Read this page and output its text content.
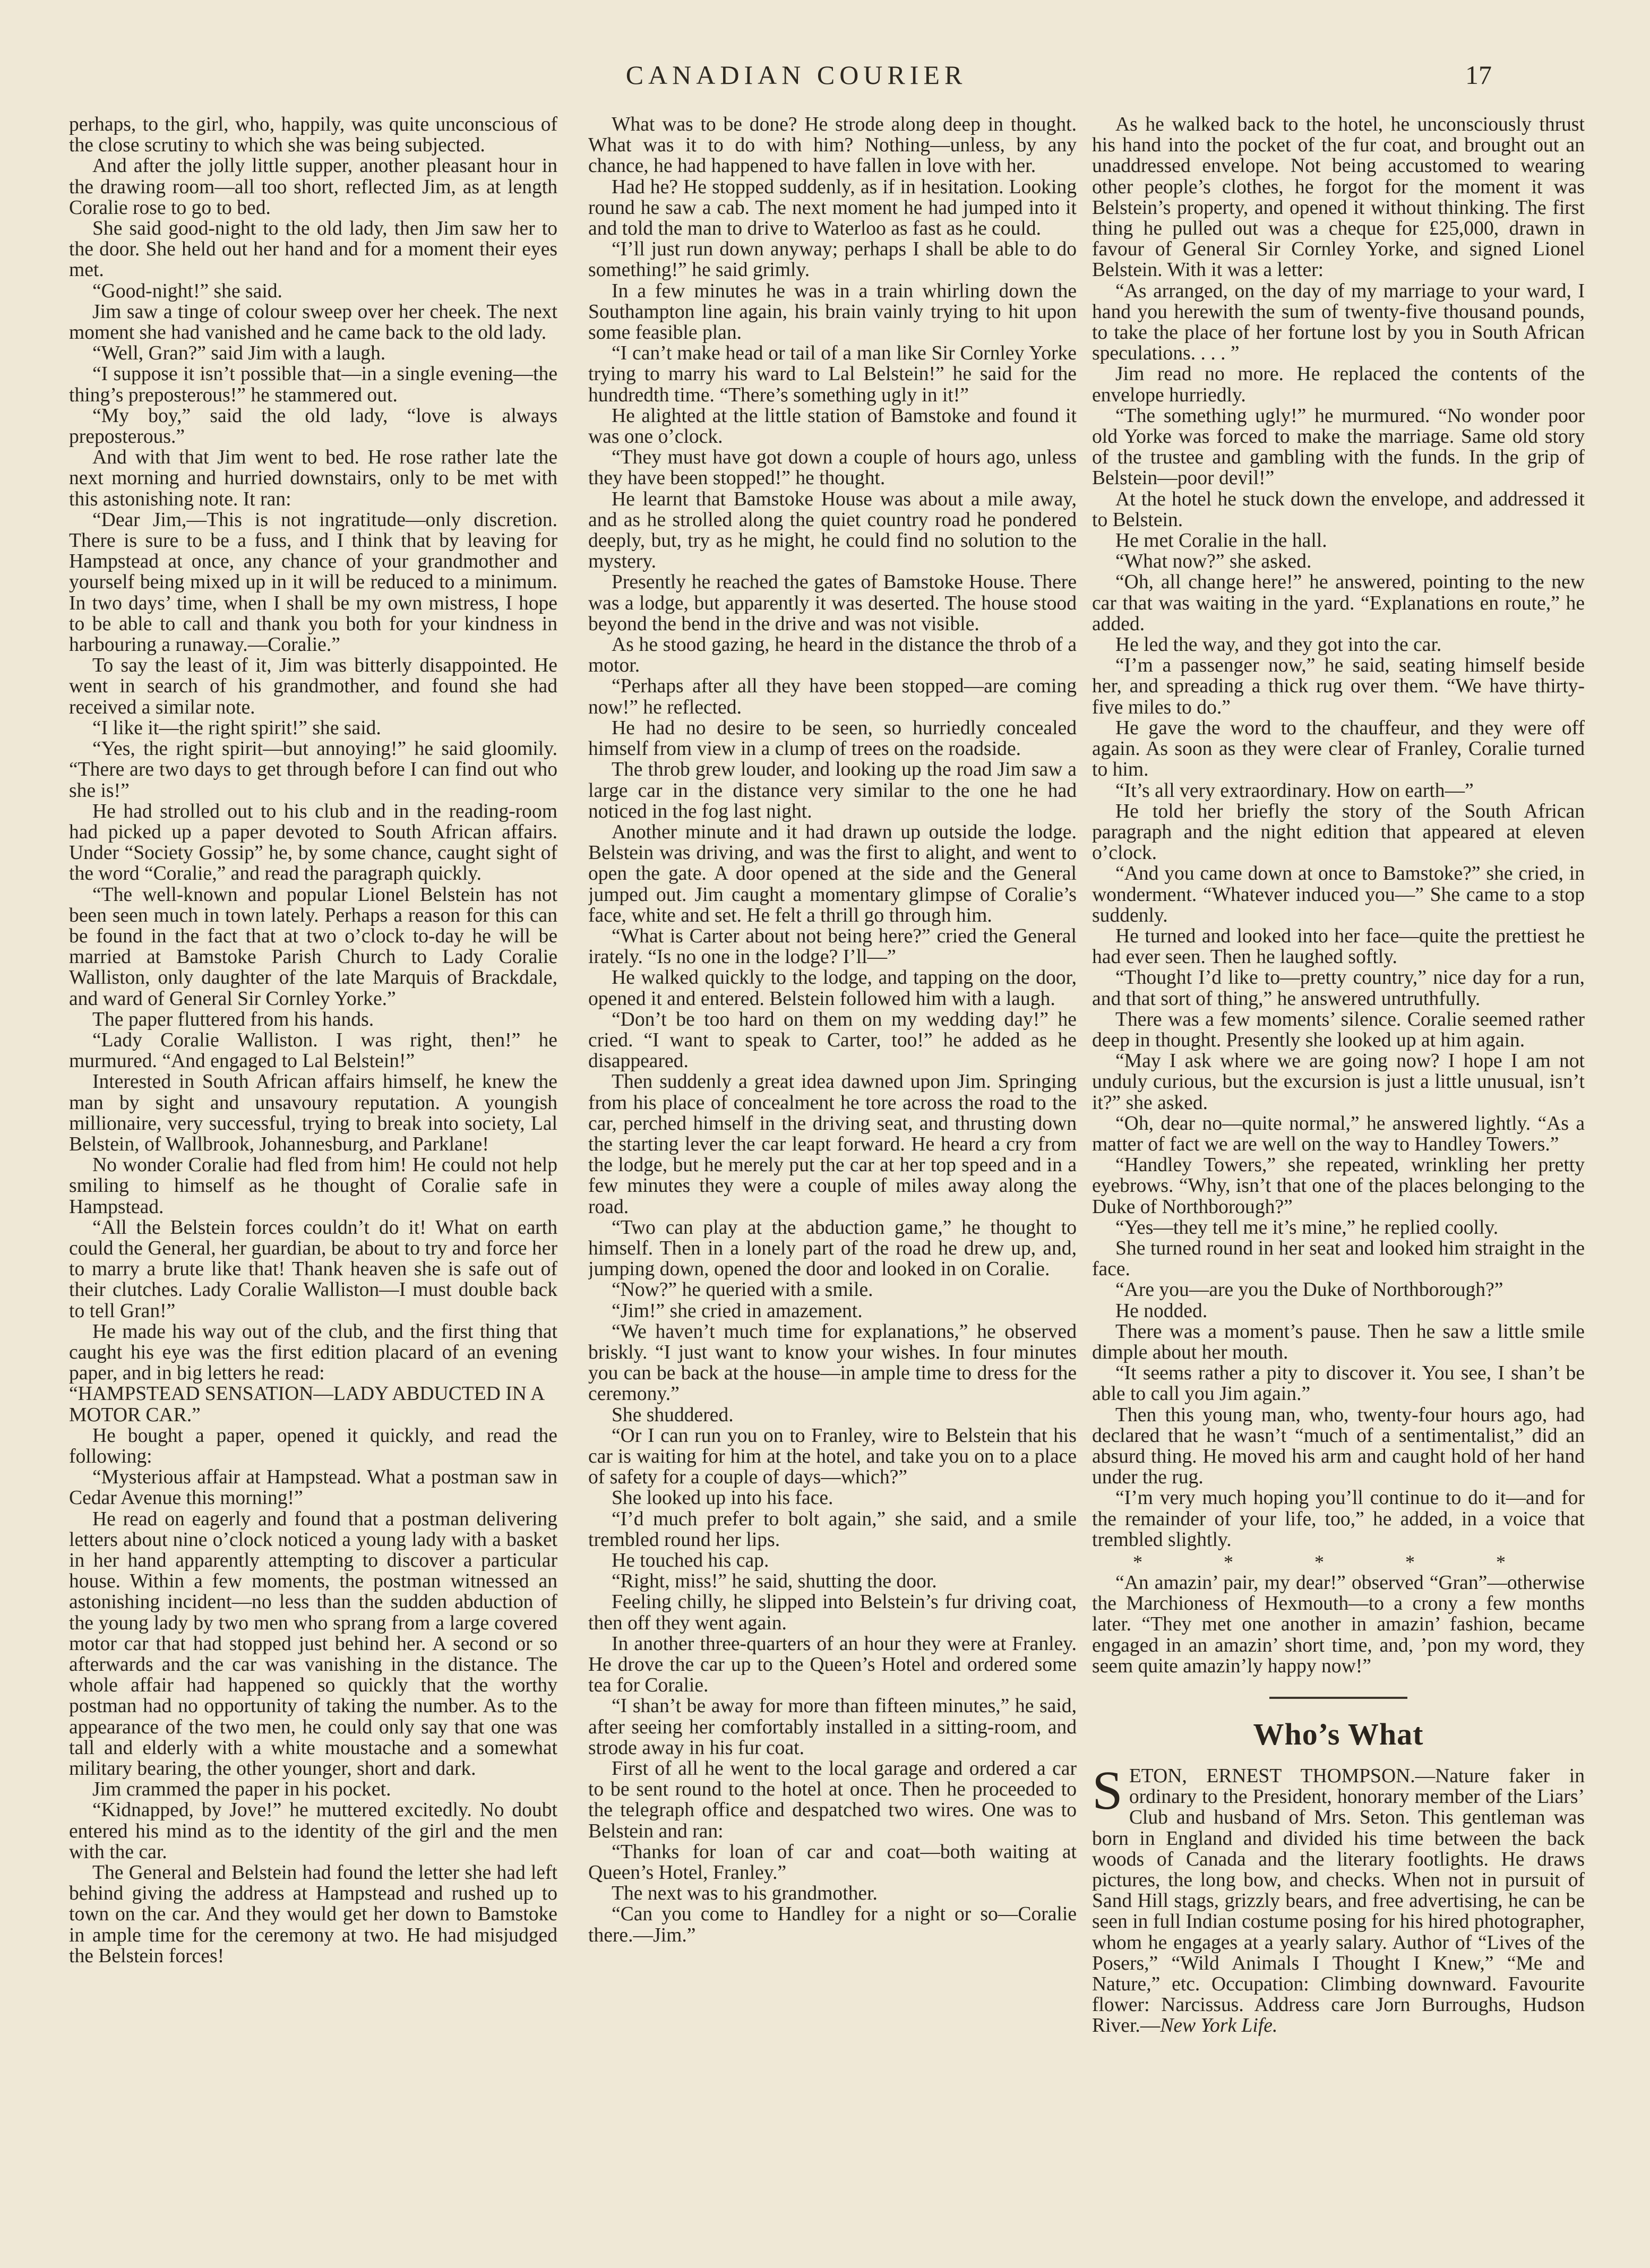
CANADIAN COURIER	17

perhaps, to the girl, who, happily, was quite unconscious of the close scrutiny to which she was being subjected.

And after the jolly little supper, another pleasant hour in the drawing room—all too short, reflected Jim, as at length Coralie rose to go to bed.

She said good-night to the old lady, then Jim saw her to the door. She held out her hand and for a moment their eyes met.

“Good-night!” she said.

Jim saw a tinge of colour sweep over her cheek. The next moment she had vanished and he came back to the old lady.

“Well, Gran?” said Jim with a laugh.

“I suppose it isn’t possible that—in a single evening—the thing’s preposterous!” he stammered out.

“My boy,” said the old lady, “love is always preposterous.”

And with that Jim went to bed. He rose rather late the next morning and hurried downstairs, only to be met with this astonishing note. It ran:

“Dear Jim,—This is not ingratitude—only discretion. There is sure to be a fuss, and I think that by leaving for Hampstead at once, any chance of your grandmother and yourself being mixed up in it will be reduced to a minimum. In two days’ time, when I shall be my own mistress, I hope to be able to call and thank you both for your kindness in harbouring a runaway.—Coralie.”

To say the least of it, Jim was bitterly disappointed. He went in search of his grandmother, and found she had received a similar note.

“I like it—the right spirit!” she said.

“Yes, the right spirit—but annoying!” he said gloomily. “There are two days to get through before I can find out who she is!”

He had strolled out to his club and in the reading-room had picked up a paper devoted to South African affairs. Under “Society Gossip” he, by some chance, caught sight of the word “Coralie,” and read the paragraph quickly.

“The well-known and popular Lionel Belstein has not been seen much in town lately. Perhaps a reason for this can be found in the fact that at two o’clock to-day he will be married at Bamstoke Parish Church to Lady Coralie Walliston, only daughter of the late Marquis of Brackdale, and ward of General Sir Cornley Yorke.”

The paper fluttered from his hands.

“Lady Coralie Walliston. I was right, then!” he murmured. “And engaged to Lal Belstein!”

Interested in South African affairs himself, he knew the man by sight and unsavoury reputation. A youngish millionaire, very successful, trying to break into society, Lal Belstein, of Wallbrook, Johannesburg, and Parklane!

No wonder Coralie had fled from him! He could not help smiling to himself as he thought of Coralie safe in Hampstead.

“All the Belstein forces couldn’t do it! What on earth could the General, her guardian, be about to try and force her to marry a brute like that! Thank heaven she is safe out of their clutches. Lady Coralie Walliston—I must double back to tell Gran!”

He made his way out of the club, and the first thing that caught his eye was the first edition placard of an evening paper, and in big letters he read:

“HAMPSTEAD SENSATION—LADY ABDUCTED IN A MOTOR CAR.”

He bought a paper, opened it quickly, and read the following:

“Mysterious affair at Hampstead. What a postman saw in Cedar Avenue this morning!”

He read on eagerly and found that a postman delivering letters about nine o’clock noticed a young lady with a basket in her hand apparently attempting to discover a particular house. Within a few moments, the postman witnessed an astonishing incident—no less than the sudden abduction of the young lady by two men who sprang from a large covered motor car that had stopped just behind her. A second or so afterwards and the car was vanishing in the distance. The whole affair had happened so quickly that the worthy postman had no opportunity of taking the number. As to the appearance of the two men, he could only say that one was tall and elderly with a white moustache and a somewhat military bearing, the other younger, short and dark.

Jim crammed the paper in his pocket.

“Kidnapped, by Jove!” he muttered excitedly. No doubt entered his mind as to the identity of the girl and the men with the car.

The General and Belstein had found the letter she had left behind giving the address at Hampstead and rushed up to town on the car. And they would get her down to Bamstoke in ample time for the ceremony at two. He had misjudged the Belstein forces!

What was to be done? He strode along deep in thought. What was it to do with him? Nothing—unless, by any chance, he had happened to have fallen in love with her.

Had he? He stopped suddenly, as if in hesitation. Looking round he saw a cab. The next moment he had jumped into it and told the man to drive to Waterloo as fast as he could.

“I’ll just run down anyway; perhaps I shall be able to do something!” he said grimly.

In a few minutes he was in a train whirling down the Southampton line again, his brain vainly trying to hit upon some feasible plan.

“I can’t make head or tail of a man like Sir Cornley Yorke trying to marry his ward to Lal Belstein!” he said for the hundredth time. “There’s something ugly in it!”

He alighted at the little station of Bamstoke and found it was one o’clock.

“They must have got down a couple of hours ago, unless they have been stopped!” he thought.

He learnt that Bamstoke House was about a mile away, and as he strolled along the quiet country road he pondered deeply, but, try as he might, he could find no solution to the mystery.

Presently he reached the gates of Bamstoke House. There was a lodge, but apparently it was deserted. The house stood beyond the bend in the drive and was not visible.

As he stood gazing, he heard in the distance the throb of a motor.

“Perhaps after all they have been stopped—are coming now!” he reflected.

He had no desire to be seen, so hurriedly concealed himself from view in a clump of trees on the roadside.

The throb grew louder, and looking up the road Jim saw a large car in the distance very similar to the one he had noticed in the fog last night.

Another minute and it had drawn up outside the lodge. Belstein was driving, and was the first to alight, and went to open the gate. A door opened at the side and the General jumped out. Jim caught a momentary glimpse of Coralie’s face, white and set. He felt a thrill go through him.

“What is Carter about not being here?” cried the General irately. “Is no one in the lodge? I’ll—”

He walked quickly to the lodge, and tapping on the door, opened it and entered. Belstein followed him with a laugh.

“Don’t be too hard on them on my wedding day!” he cried. “I want to speak to Carter, too!” he added as he disappeared.

Then suddenly a great idea dawned upon Jim. Springing from his place of concealment he tore across the road to the car, perched himself in the driving seat, and thrusting down the starting lever the car leapt forward. He heard a cry from the lodge, but he merely put the car at her top speed and in a few minutes they were a couple of miles away along the road.

“Two can play at the abduction game,” he thought to himself. Then in a lonely part of the road he drew up, and, jumping down, opened the door and looked in on Coralie.

“Now?” he queried with a smile.

“Jim!” she cried in amazement.

“We haven’t much time for explanations,” he observed briskly. “I just want to know your wishes. In four minutes you can be back at the house—in ample time to dress for the ceremony.”

She shuddered.

“Or I can run you on to Franley, wire to Belstein that his car is waiting for him at the hotel, and take you on to a place of safety for a couple of days—which?”

She looked up into his face.

“I’d much prefer to bolt again,” she said, and a smile trembled round her lips.

He touched his cap.

“Right, miss!” he said, shutting the door.

Feeling chilly, he slipped into Belstein’s fur driving coat, then off they went again.

In another three-quarters of an hour they were at Franley. He drove the car up to the Queen’s Hotel and ordered some tea for Coralie.

“I shan’t be away for more than fifteen minutes,” he said, after seeing her comfortably installed in a sitting-room, and strode away in his fur coat.

First of all he went to the local garage and ordered a car to be sent round to the hotel at once. Then he proceeded to the telegraph office and despatched two wires. One was to Belstein and ran:

“Thanks for loan of car and coat—both waiting at Queen’s Hotel, Franley.”

The next was to his grandmother.

“Can you come to Handley for a night or so—Coralie there.—Jim.”

As he walked back to the hotel, he unconsciously thrust his hand into the pocket of the fur coat, and brought out an unaddressed envelope. Not being accustomed to wearing other people’s clothes, he forgot for the moment it was Belstein’s property, and opened it without thinking. The first thing he pulled out was a cheque for £25,000, drawn in favour of General Sir Cornley Yorke, and signed Lionel Belstein. With it was a letter:

“As arranged, on the day of my marriage to your ward, I hand you herewith the sum of twenty-five thousand pounds, to take the place of her fortune lost by you in South African speculations. . . . ”

Jim read no more. He replaced the contents of the envelope hurriedly.

“The something ugly!” he murmured. “No wonder poor old Yorke was forced to make the marriage. Same old story of the trustee and gambling with the funds. In the grip of Belstein—poor devil!”

At the hotel he stuck down the envelope, and addressed it to Belstein.

He met Coralie in the hall.

“What now?” she asked.

“Oh, all change here!” he answered, pointing to the new car that was waiting in the yard. “Explanations en route,” he added.

He led the way, and they got into the car.

“I’m a passenger now,” he said, seating himself beside her, and spreading a thick rug over them. “We have thirty-five miles to do.”

He gave the word to the chauffeur, and they were off again. As soon as they were clear of Franley, Coralie turned to him.

“It’s all very extraordinary. How on earth—”

He told her briefly the story of the South African paragraph and the night edition that appeared at eleven o’clock.

“And you came down at once to Bamstoke?” she cried, in wonderment. “Whatever induced you—” She came to a stop suddenly.

He turned and looked into her face—quite the prettiest he had ever seen. Then he laughed softly.

“Thought I’d like to—pretty country,” nice day for a run, and that sort of thing,” he answered untruthfully.

There was a few moments’ silence. Coralie seemed rather deep in thought. Presently she looked up at him again.

“May I ask where we are going now? I hope I am not unduly curious, but the excursion is just a little unusual, isn’t it?” she asked.

“Oh, dear no—quite normal,” he answered lightly. “As a matter of fact we are well on the way to Handley Towers.”

“Handley Towers,” she repeated, wrinkling her pretty eyebrows. “Why, isn’t that one of the places belonging to the Duke of Northborough?”

“Yes—they tell me it’s mine,” he replied coolly.

She turned round in her seat and looked him straight in the face.

“Are you—are you the Duke of Northborough?”

He nodded.

There was a moment’s pause. Then he saw a little smile dimple about her mouth.

“It seems rather a pity to discover it. You see, I shan’t be able to call you Jim again.”

Then this young man, who, twenty-four hours ago, had declared that he wasn’t “much of a sentimentalist,” did an absurd thing. He moved his arm and caught hold of her hand under the rug.

“I’m very much hoping you’ll continue to do it—and for the remainder of your life, too,” he added, in a voice that trembled slightly.

* * * * *

“An amazin’ pair, my dear!” observed “Gran”—otherwise the Marchioness of Hexmouth—to a crony a few months later. “They met one another in amazin’ fashion, became engaged in an amazin’ short time, and, ’pon my word, they seem quite amazin’ly happy now!”

Who’s What

SETON, ERNEST THOMPSON.—Nature faker in ordinary to the President, honorary member of the Liars’ Club and husband of Mrs. Seton. This gentleman was born in England and divided his time between the back woods of Canada and the literary footlights. He draws pictures, the long bow, and checks. When not in pursuit of Sand Hill stags, grizzly bears, and free advertising, he can be seen in full Indian costume posing for his hired photographer, whom he engages at a yearly salary. Author of “Lives of the Posers,” “Wild Animals I Thought I Knew,” “Me and Nature,” etc. Occupation: Climbing downward. Favourite flower: Narcissus. Address care Jorn Burroughs, Hudson River.—New York Life.
